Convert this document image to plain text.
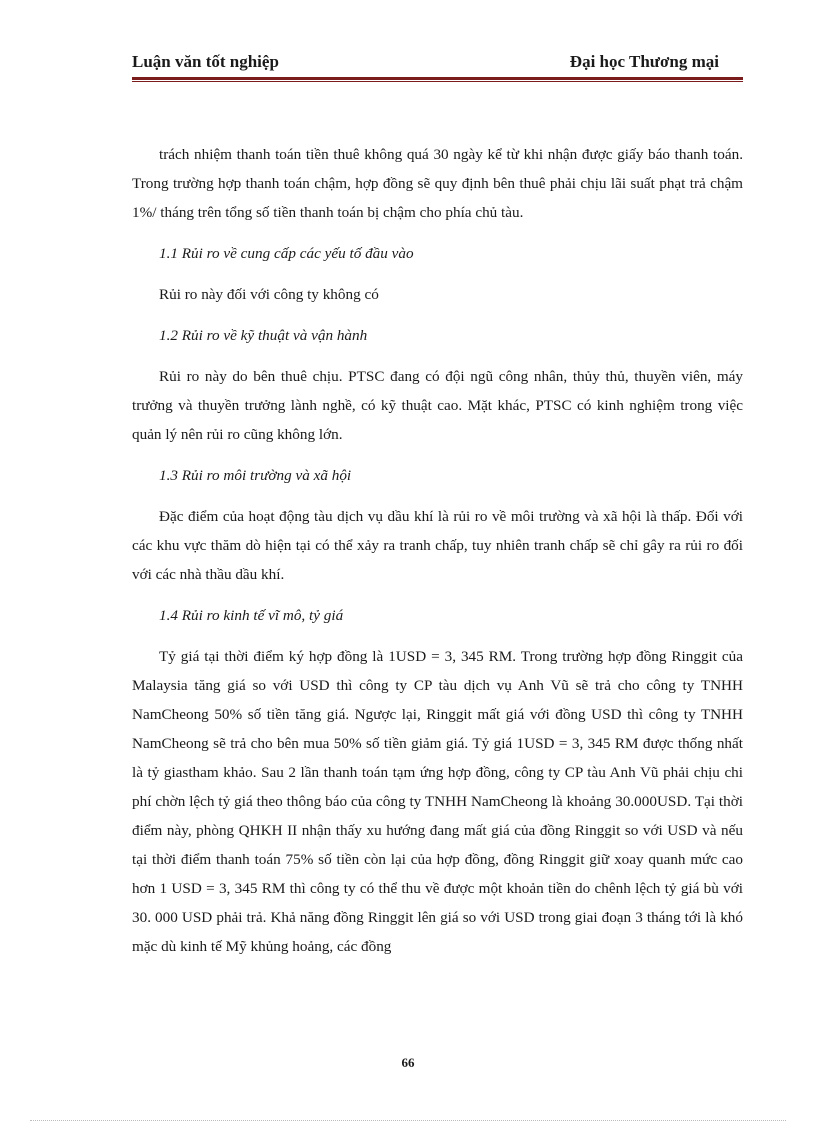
Luận văn tốt nghiệp	Đại học Thương mại

trách nhiệm thanh toán tiền thuê không quá 30 ngày kể từ khi nhận được giấy báo thanh toán. Trong trường hợp thanh toán chậm, hợp đồng sẽ quy định bên thuê phải chịu lãi suất phạt trả chậm 1%/ tháng trên tổng số tiền thanh toán bị chậm cho phía chủ tàu.

1.1 Rủi ro về cung cấp các yếu tố đầu vào

Rủi ro này đối với công ty không có

1.2 Rủi ro về kỹ thuật và vận hành

Rủi ro này do bên thuê chịu. PTSC đang có đội ngũ công nhân, thủy thủ, thuyền viên, máy trưởng và thuyền trưởng lành nghề, có kỹ thuật cao. Mặt khác, PTSC có kinh nghiệm trong việc quản lý nên rủi ro cũng không lớn.

1.3 Rủi ro môi trường và xã hội

Đặc điểm của hoạt động tàu dịch vụ dầu khí là rủi ro về môi trường và xã hội là thấp. Đối với các khu vực thăm dò hiện tại có thể xảy ra tranh chấp, tuy nhiên tranh chấp sẽ chỉ gây ra rủi ro đối với các nhà thầu dầu khí.

1.4 Rủi ro kinh tế vĩ mô, tỷ giá

Tỷ giá tại thời điểm ký hợp đồng là 1USD = 3, 345 RM. Trong trường hợp đồng Ringgit của Malaysia tăng giá so với USD thì công ty CP tàu dịch vụ Anh Vũ sẽ trả cho công ty TNHH NamCheong 50% số tiền tăng giá. Ngược lại, Ringgit mất giá với đồng USD thì công ty TNHH NamCheong sẽ trả cho bên mua 50% số tiền giảm giá. Tỷ giá 1USD = 3, 345 RM được thống nhất là tỷ giastham khảo. Sau 2 lần thanh toán tạm ứng hợp đồng, công ty CP tàu Anh Vũ phải chịu chi phí chờn lệch tỷ giá theo thông báo của công ty TNHH NamCheong là khoảng 30.000USD. Tại thời điểm này, phòng QHKH II nhận thấy xu hướng đang mất giá của đồng Ringgit so với USD và nếu tại thời điểm thanh toán 75% số tiền còn lại của hợp đồng, đồng Ringgit giữ xoay quanh mức cao hơn 1 USD = 3, 345 RM thì công ty có thể thu về được một khoản tiền do chênh lệch tỷ giá bù với 30. 000 USD phải trả. Khả năng đồng Ringgit lên giá so với USD trong giai đoạn 3 tháng tới là khó mặc dù kinh tế Mỹ khủng hoảng, các đồng

66
